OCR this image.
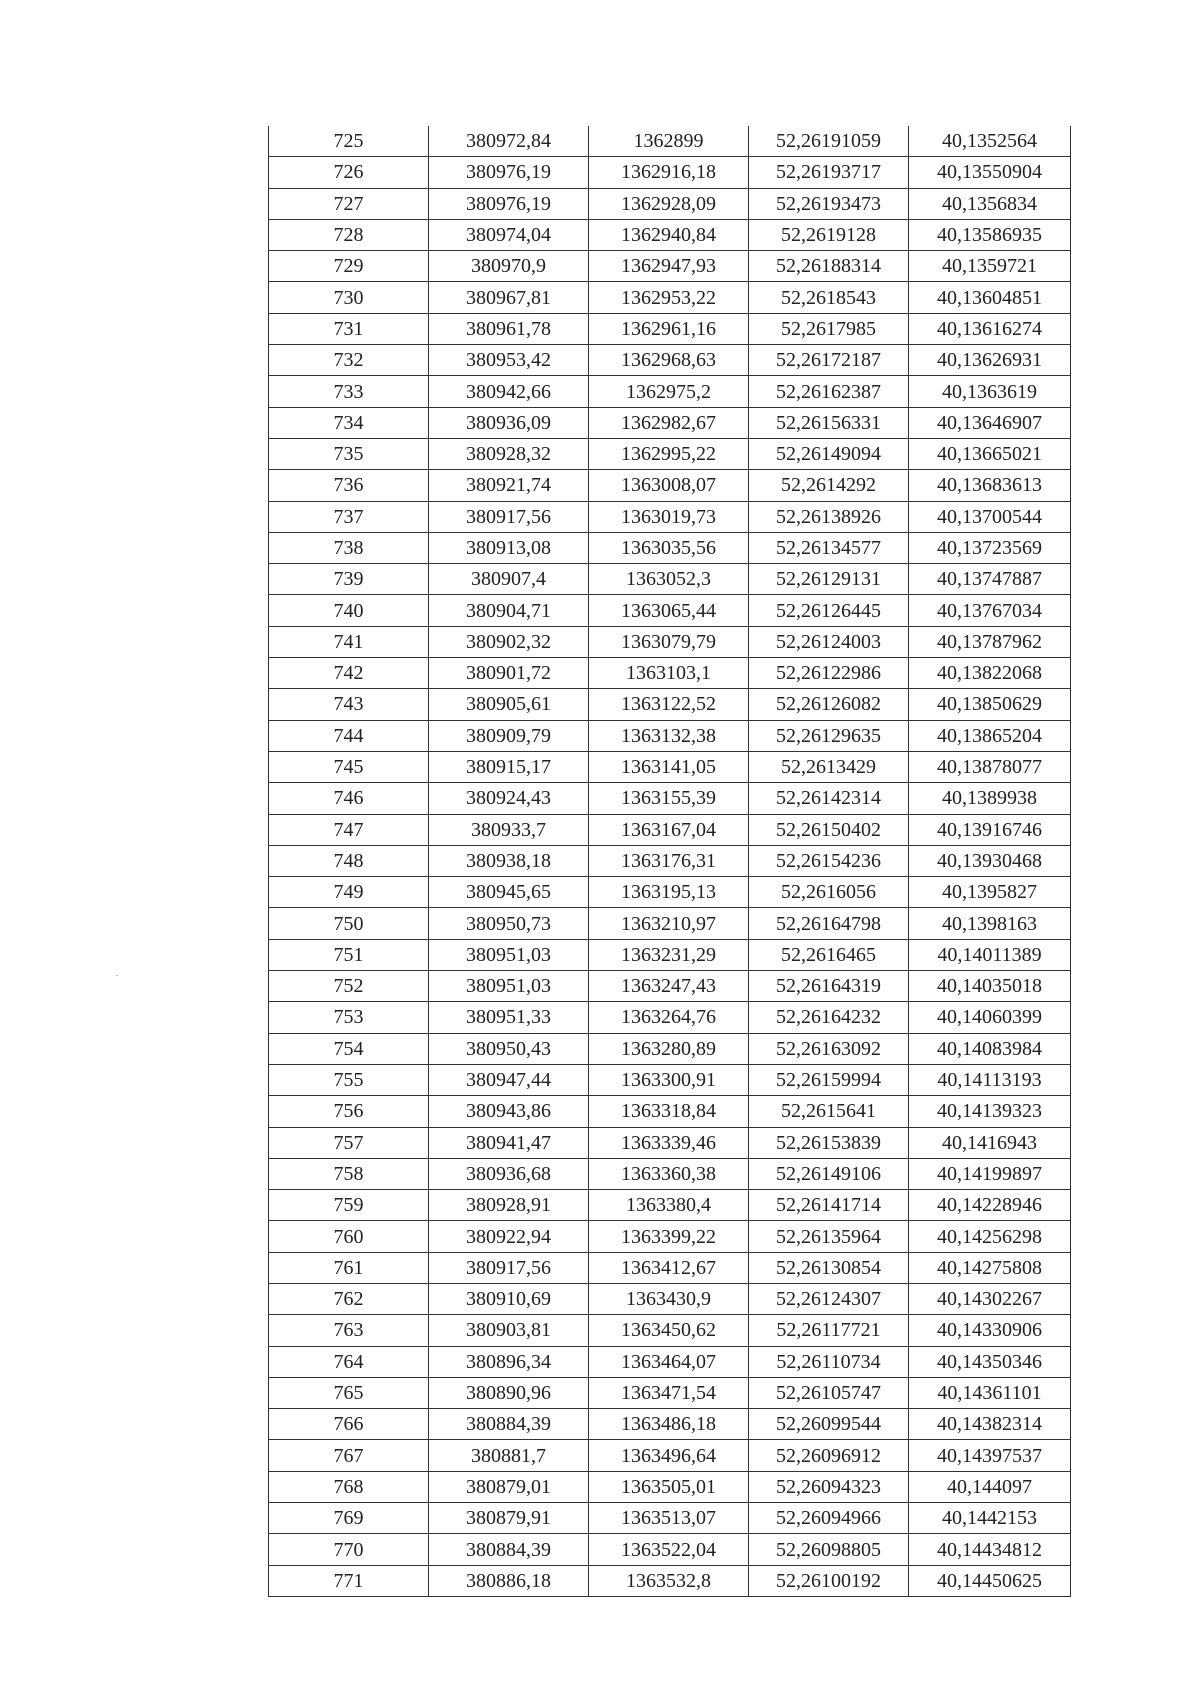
725	380972,84	1362899	52,26191059	40,1352564
726	380976,19	1362916,18	52,26193717	40,13550904
727	380976,19	1362928,09	52,26193473	40,1356834
728	380974,04	1362940,84	52,2619128	40,13586935
729	380970,9	1362947,93	52,26188314	40,1359721
730	380967,81	1362953,22	52,2618543	40,13604851
731	380961,78	1362961,16	52,2617985	40,13616274
732	380953,42	1362968,63	52,26172187	40,13626931
733	380942,66	1362975,2	52,26162387	40,1363619
734	380936,09	1362982,67	52,26156331	40,13646907
735	380928,32	1362995,22	52,26149094	40,13665021
736	380921,74	1363008,07	52,2614292	40,13683613
737	380917,56	1363019,73	52,26138926	40,13700544
738	380913,08	1363035,56	52,26134577	40,13723569
739	380907,4	1363052,3	52,26129131	40,13747887
740	380904,71	1363065,44	52,26126445	40,13767034
741	380902,32	1363079,79	52,26124003	40,13787962
742	380901,72	1363103,1	52,26122986	40,13822068
743	380905,61	1363122,52	52,26126082	40,13850629
744	380909,79	1363132,38	52,26129635	40,13865204
745	380915,17	1363141,05	52,2613429	40,13878077
746	380924,43	1363155,39	52,26142314	40,1389938
747	380933,7	1363167,04	52,26150402	40,13916746
748	380938,18	1363176,31	52,26154236	40,13930468
749	380945,65	1363195,13	52,2616056	40,1395827
750	380950,73	1363210,97	52,26164798	40,1398163
751	380951,03	1363231,29	52,2616465	40,14011389
752	380951,03	1363247,43	52,26164319	40,14035018
753	380951,33	1363264,76	52,26164232	40,14060399
754	380950,43	1363280,89	52,26163092	40,14083984
755	380947,44	1363300,91	52,26159994	40,14113193
756	380943,86	1363318,84	52,2615641	40,14139323
757	380941,47	1363339,46	52,26153839	40,1416943
758	380936,68	1363360,38	52,26149106	40,14199897
759	380928,91	1363380,4	52,26141714	40,14228946
760	380922,94	1363399,22	52,26135964	40,14256298
761	380917,56	1363412,67	52,26130854	40,14275808
762	380910,69	1363430,9	52,26124307	40,14302267
763	380903,81	1363450,62	52,26117721	40,14330906
764	380896,34	1363464,07	52,26110734	40,14350346
765	380890,96	1363471,54	52,26105747	40,14361101
766	380884,39	1363486,18	52,26099544	40,14382314
767	380881,7	1363496,64	52,26096912	40,14397537
768	380879,01	1363505,01	52,26094323	40,144097
769	380879,91	1363513,07	52,26094966	40,1442153
770	380884,39	1363522,04	52,26098805	40,14434812
771	380886,18	1363532,8	52,26100192	40,14450625
